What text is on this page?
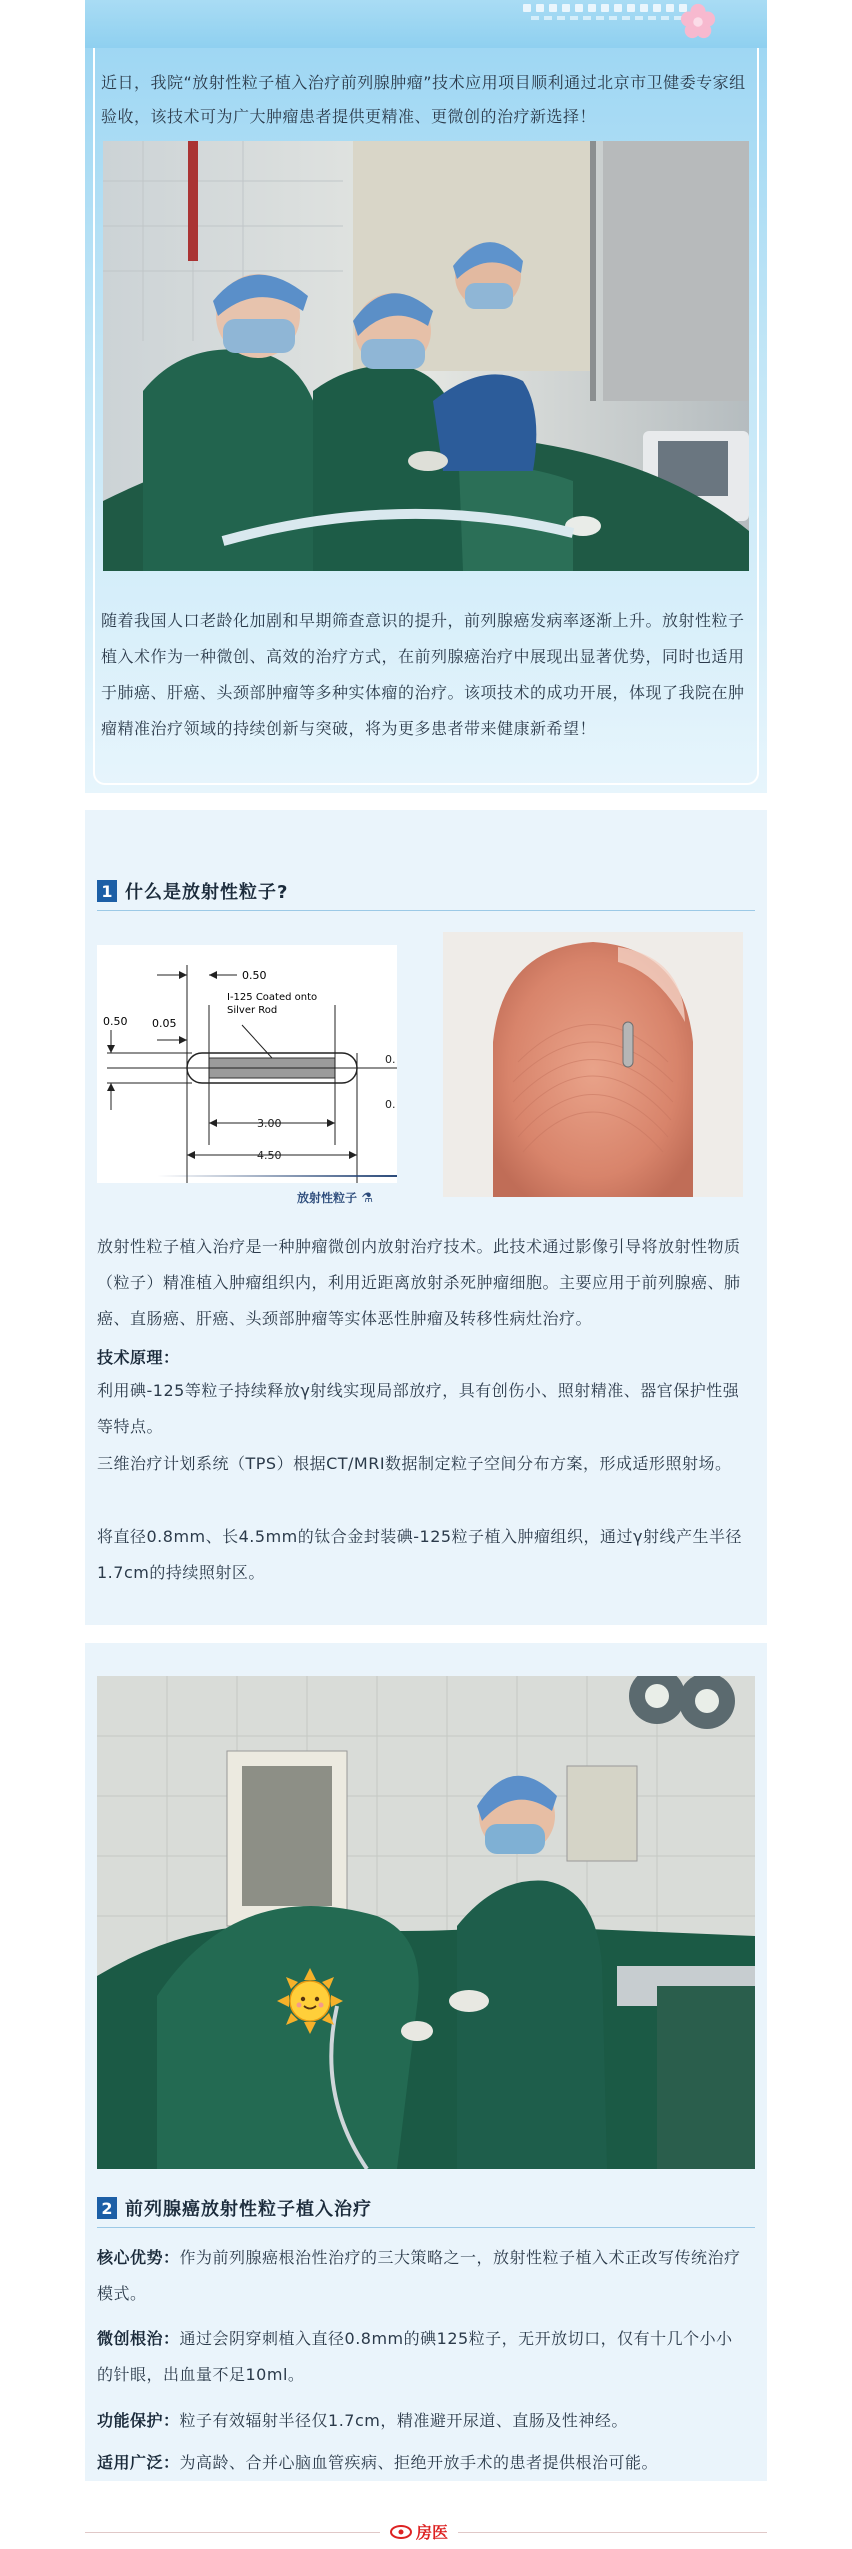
近日，我院“放射性粒子植入治疗前列腺肿瘤”技术应用项目顺利通过北京市卫健委专家组验收，该技术可为广大肿瘤患者提供更精准、更微创的治疗新选择！

随着我国人口老龄化加剧和早期筛查意识的提升，前列腺癌发病率逐渐上升。放射性粒子植入术作为一种微创、高效的治疗方式，在前列腺癌治疗中展现出显著优势，同时也适用于肺癌、肝癌、头颈部肿瘤等多种实体瘤的治疗。该项技术的成功开展，体现了我院在肿瘤精准治疗领域的持续创新与突破，将为更多患者带来健康新希望！

1 什么是放射性粒子?
0.50
0.50 0.05
I-125 Coated onto Silver Rod
3.00
4.50
0.
0.
放射性粒子 ⚗

放射性粒子植入治疗是一种肿瘤微创内放射治疗技术。此技术通过影像引导将放射性物质（粒子）精准植入肿瘤组织内，利用近距离放射杀死肿瘤细胞。主要应用于前列腺癌、肺癌、直肠癌、肝癌、头颈部肿瘤等实体恶性肿瘤及转移性病灶治疗。

技术原理：

利用碘-125等粒子持续释放γ射线实现局部放疗，具有创伤小、照射精准、器官保护性强等特点。

三维治疗计划系统（TPS）根据CT/MRI数据制定粒子空间分布方案，形成适形照射场。

将直径0.8mm、长4.5mm的钛合金封装碘-125粒子植入肿瘤组织，通过γ射线产生半径1.7cm的持续照射区。

2 前列腺癌放射性粒子植入治疗

核心优势：作为前列腺癌根治性治疗的三大策略之一，放射性粒子植入术正改写传统治疗模式。

微创根治：通过会阴穿刺植入直径0.8mm的碘125粒子，无开放切口，仅有十几个小小的针眼，出血量不足10ml。

功能保护：粒子有效辐射半径仅1.7cm，精准避开尿道、直肠及性神经。

适用广泛：为高龄、合并心脑血管疾病、拒绝开放手术的患者提供根治可能。

房医
